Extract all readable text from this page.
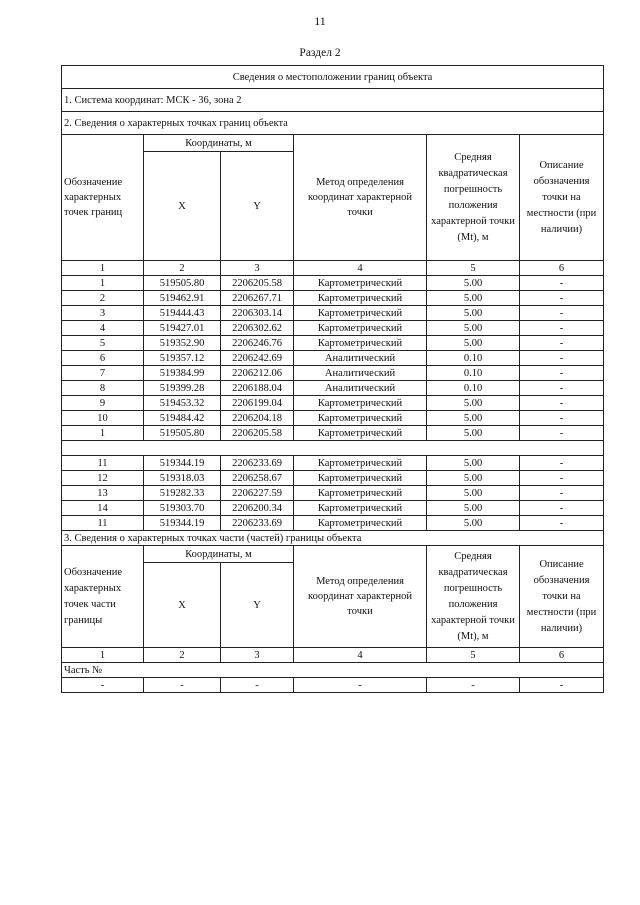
11
Раздел 2
Сведения о местоположении границ объекта					
1. Система координат: МСК - 36, зона 2					
2. Сведения о характерных точках границ объекта					
Обозначение характерных точек границ	Координаты, м		Метод определения координат характерной точки	Средняя квадратическая погрешность положения характерной точки (Mt), м	Описание обозначения точки на местности (при наличии)
	X	Y			
1	2	3	4	5	6
1	519505.80	2206205.58	Картометрический	5.00	-
2	519462.91	2206267.71	Картометрический	5.00	-
3	519444.43	2206303.14	Картометрический	5.00	-
4	519427.01	2206302.62	Картометрический	5.00	-
5	519352.90	2206246.76	Картометрический	5.00	-
6	519357.12	2206242.69	Аналитический	0.10	-
7	519384.99	2206212.06	Аналитический	0.10	-
8	519399.28	2206188.04	Аналитический	0.10	-
9	519453.32	2206199.04	Картометрический	5.00	-
10	519484.42	2206204.18	Картометрический	5.00	-
1	519505.80	2206205.58	Картометрический	5.00	-

11	519344.19	2206233.69	Картометрический	5.00	-
12	519318.03	2206258.67	Картометрический	5.00	-
13	519282.33	2206227.59	Картометрический	5.00	-
14	519303.70	2206200.34	Картометрический	5.00	-
11	519344.19	2206233.69	Картометрический	5.00	-
3. Сведения о характерных точках части (частей) границы объекта					
Обозначение характерных точек части границы	Координаты, м		Метод определения координат характерной точки	Средняя квадратическая погрешность положения характерной точки (Mt), м	Описание обозначения точки на местности (при наличии)
	X	Y			
1	2	3	4	5	6
Часть №					
-	-	-	-	-	-
